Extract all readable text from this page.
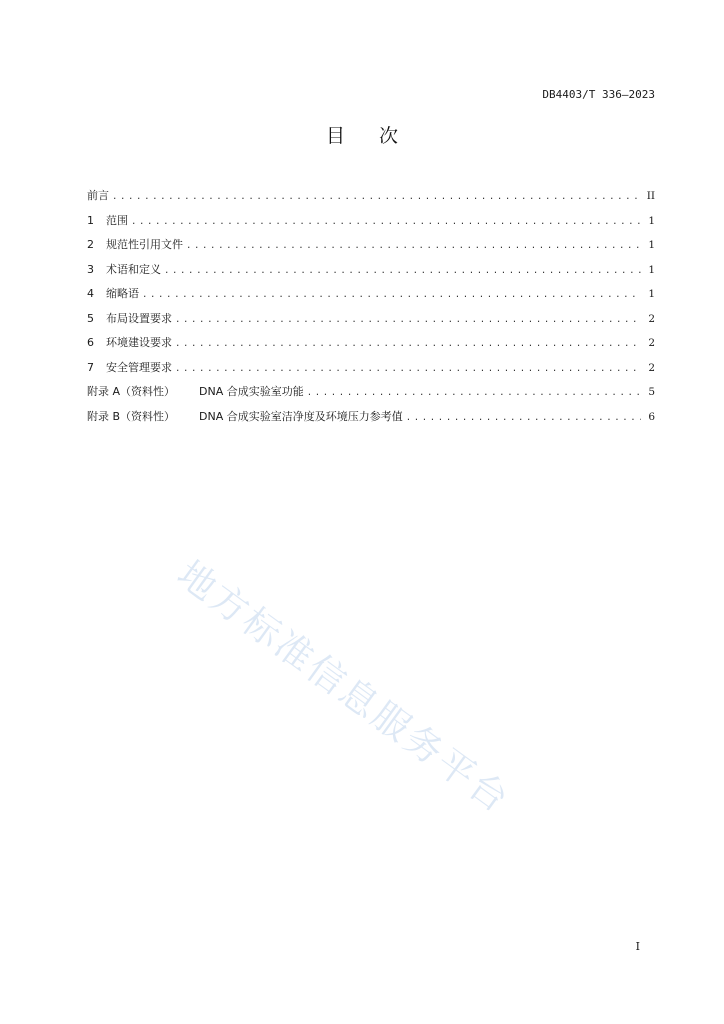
DB4403/T 336—2023
目 次
前言 .....	II
1	范围 .....	1
2	规范性引用文件 .....	1
3	术语和定义 .....	1
4	缩略语 .....	1
5	布局设置要求 .....	2
6	环境建设要求 .....	2
7	安全管理要求 .....	2
附录 A（资料性）	DNA 合成实验室功能 .....	5
附录 B（资料性）	DNA 合成实验室洁净度及环境压力参考值 .....	6
地方标准信息服务平台
I
